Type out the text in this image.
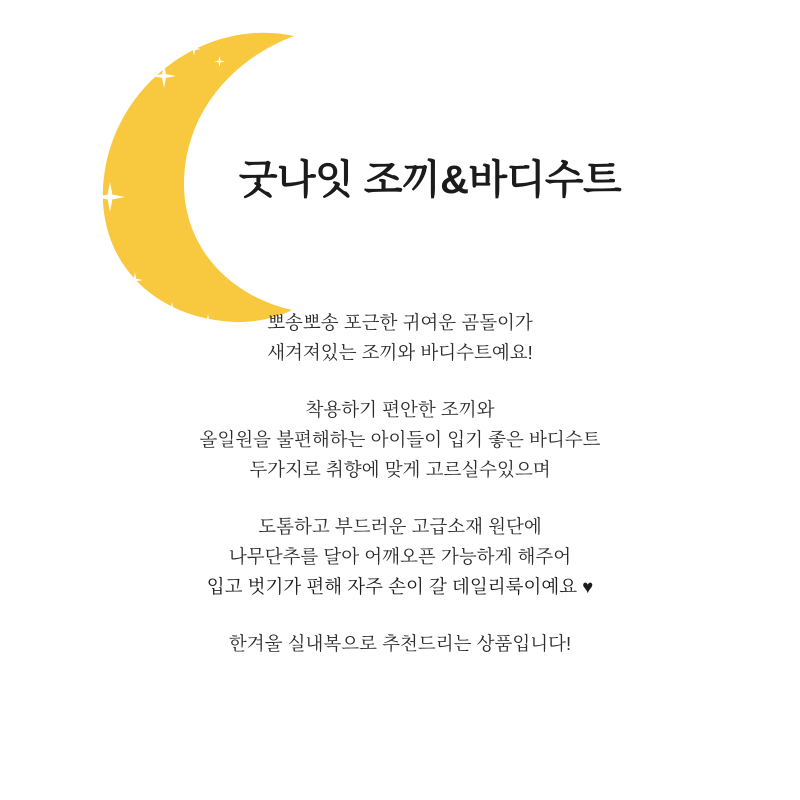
굿나잇 조끼&바디수트

뽀송뽀송 포근한 귀여운 곰돌이가
새겨져있는 조끼와 바디수트예요!

착용하기 편안한 조끼와
올일원을 불편해하는 아이들이 입기 좋은 바디수트
두가지로 취향에 맞게 고르실수있으며

도톰하고 부드러운 고급소재 원단에
나무단추를 달아 어깨오픈 가능하게 해주어
입고 벗기가 편해 자주 손이 갈 데일리룩이예요 ♥

한겨울 실내복으로 추천드리는 상품입니다!
